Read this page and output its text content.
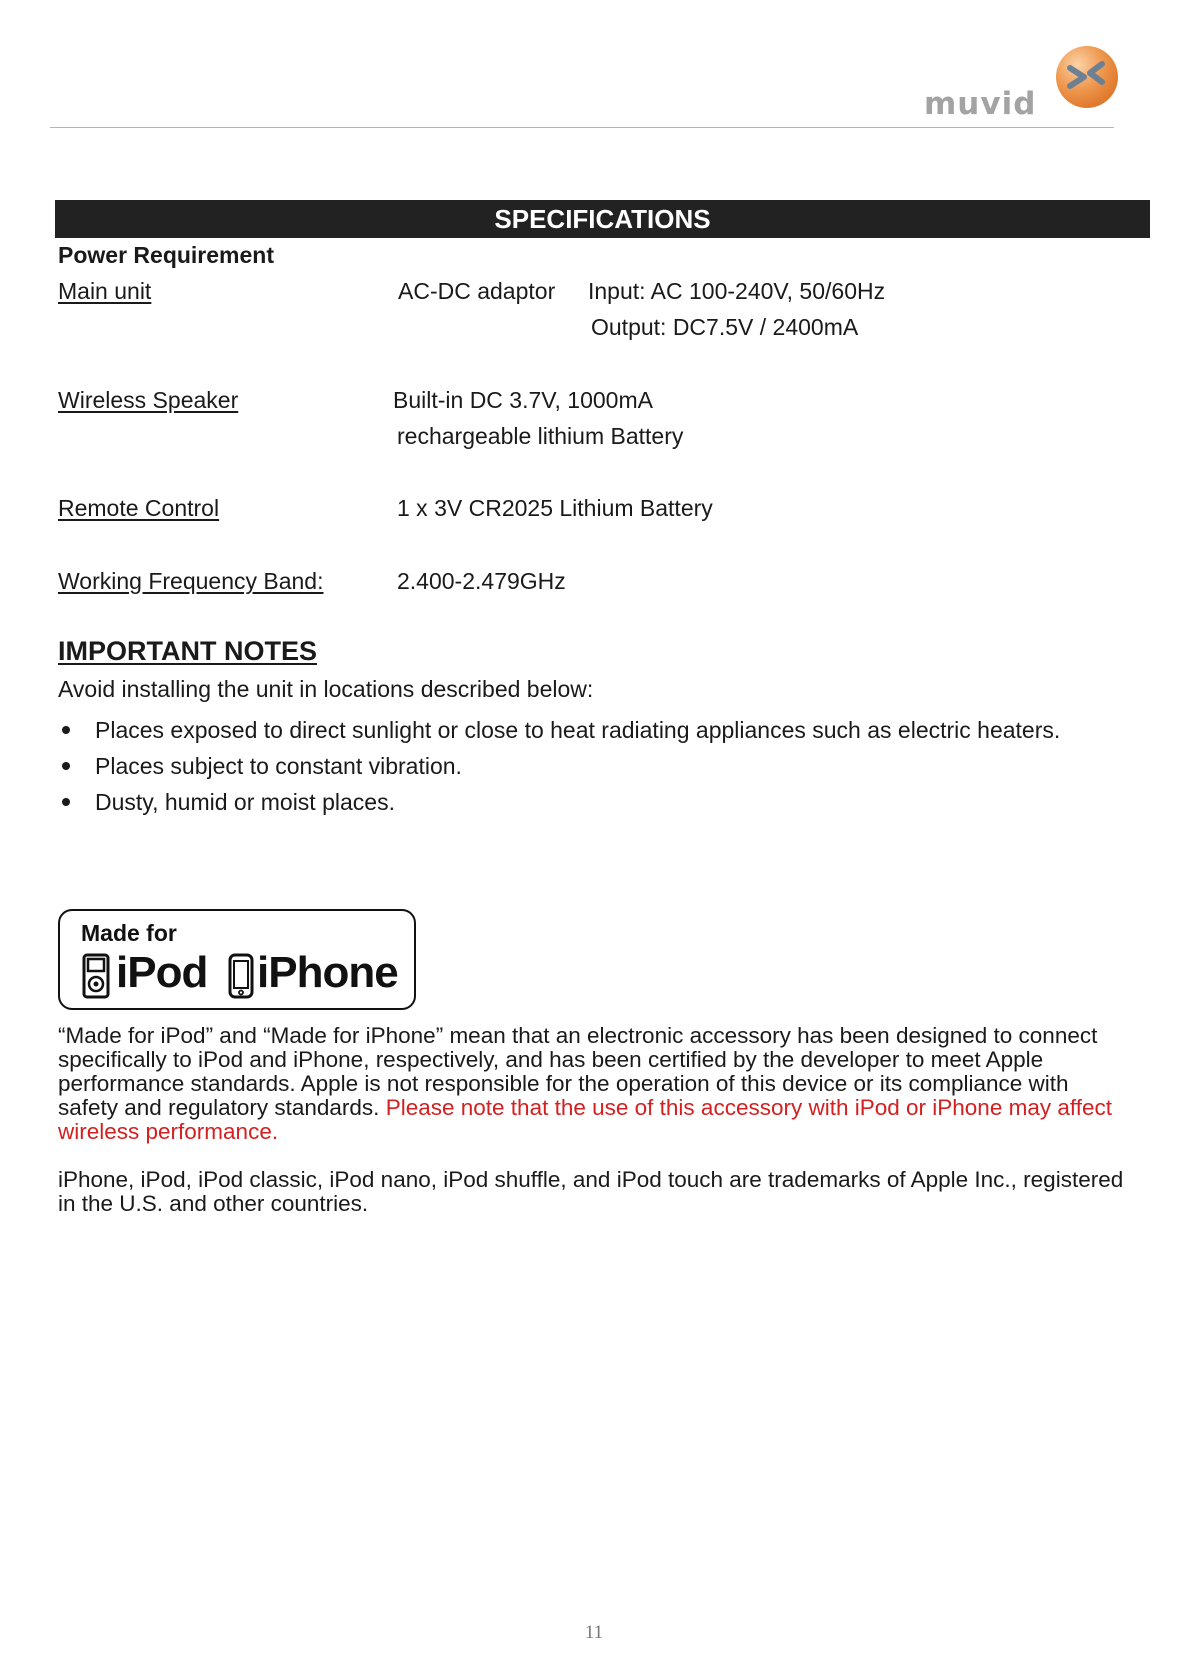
muvid
SPECIFICATIONS
Power Requirement
Main unit	AC-DC adaptor Input: AC 100-240V, 50/60Hz
Output: DC7.5V / 2400mA
Wireless Speaker	Built-in DC 3.7V, 1000mA
rechargeable lithium Battery
Remote Control	1 x 3V CR2025 Lithium Battery
Working Frequency Band:	2.400-2.479GHz
IMPORTANT NOTES
Avoid installing the unit in locations described below:
Places exposed to direct sunlight or close to heat radiating appliances such as electric heaters.
Places subject to constant vibration.
Dusty, humid or moist places.
Made for
iPod iPhone
“Made for iPod” and “Made for iPhone” mean that an electronic accessory has been designed to connect specifically to iPod and iPhone, respectively, and has been certified by the developer to meet Apple performance standards. Apple is not responsible for the operation of this device or its compliance with safety and regulatory standards. Please note that the use of this accessory with iPod or iPhone may affect wireless performance.
iPhone, iPod, iPod classic, iPod nano, iPod shuffle, and iPod touch are trademarks of Apple Inc., registered in the U.S. and other countries.
11
